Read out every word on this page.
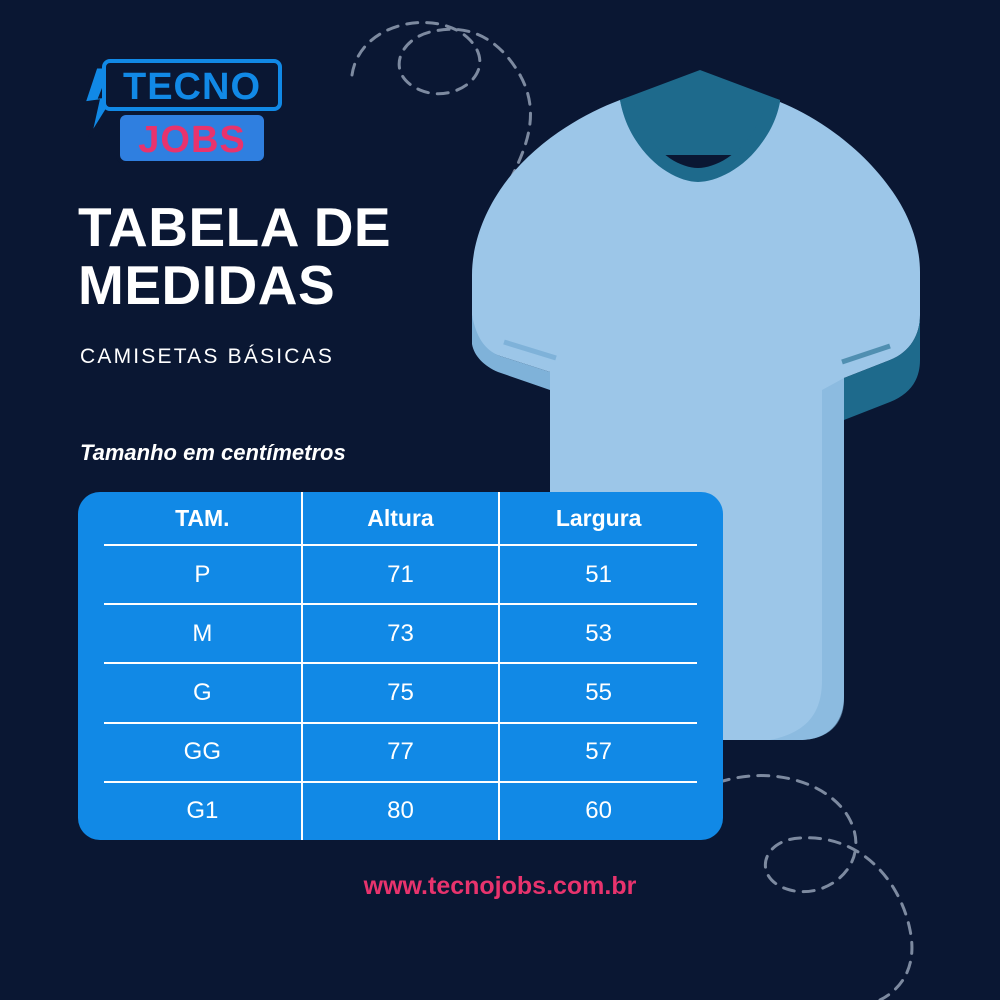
TECNO
JOBS
TABELA DE MEDIDAS
CAMISETAS BÁSICAS
Tamanho em centímetros
TAM.	Altura	Largura
P	71	51
M	73	53
G	75	55
GG	77	57
G1	80	60
www.tecnojobs.com.br
